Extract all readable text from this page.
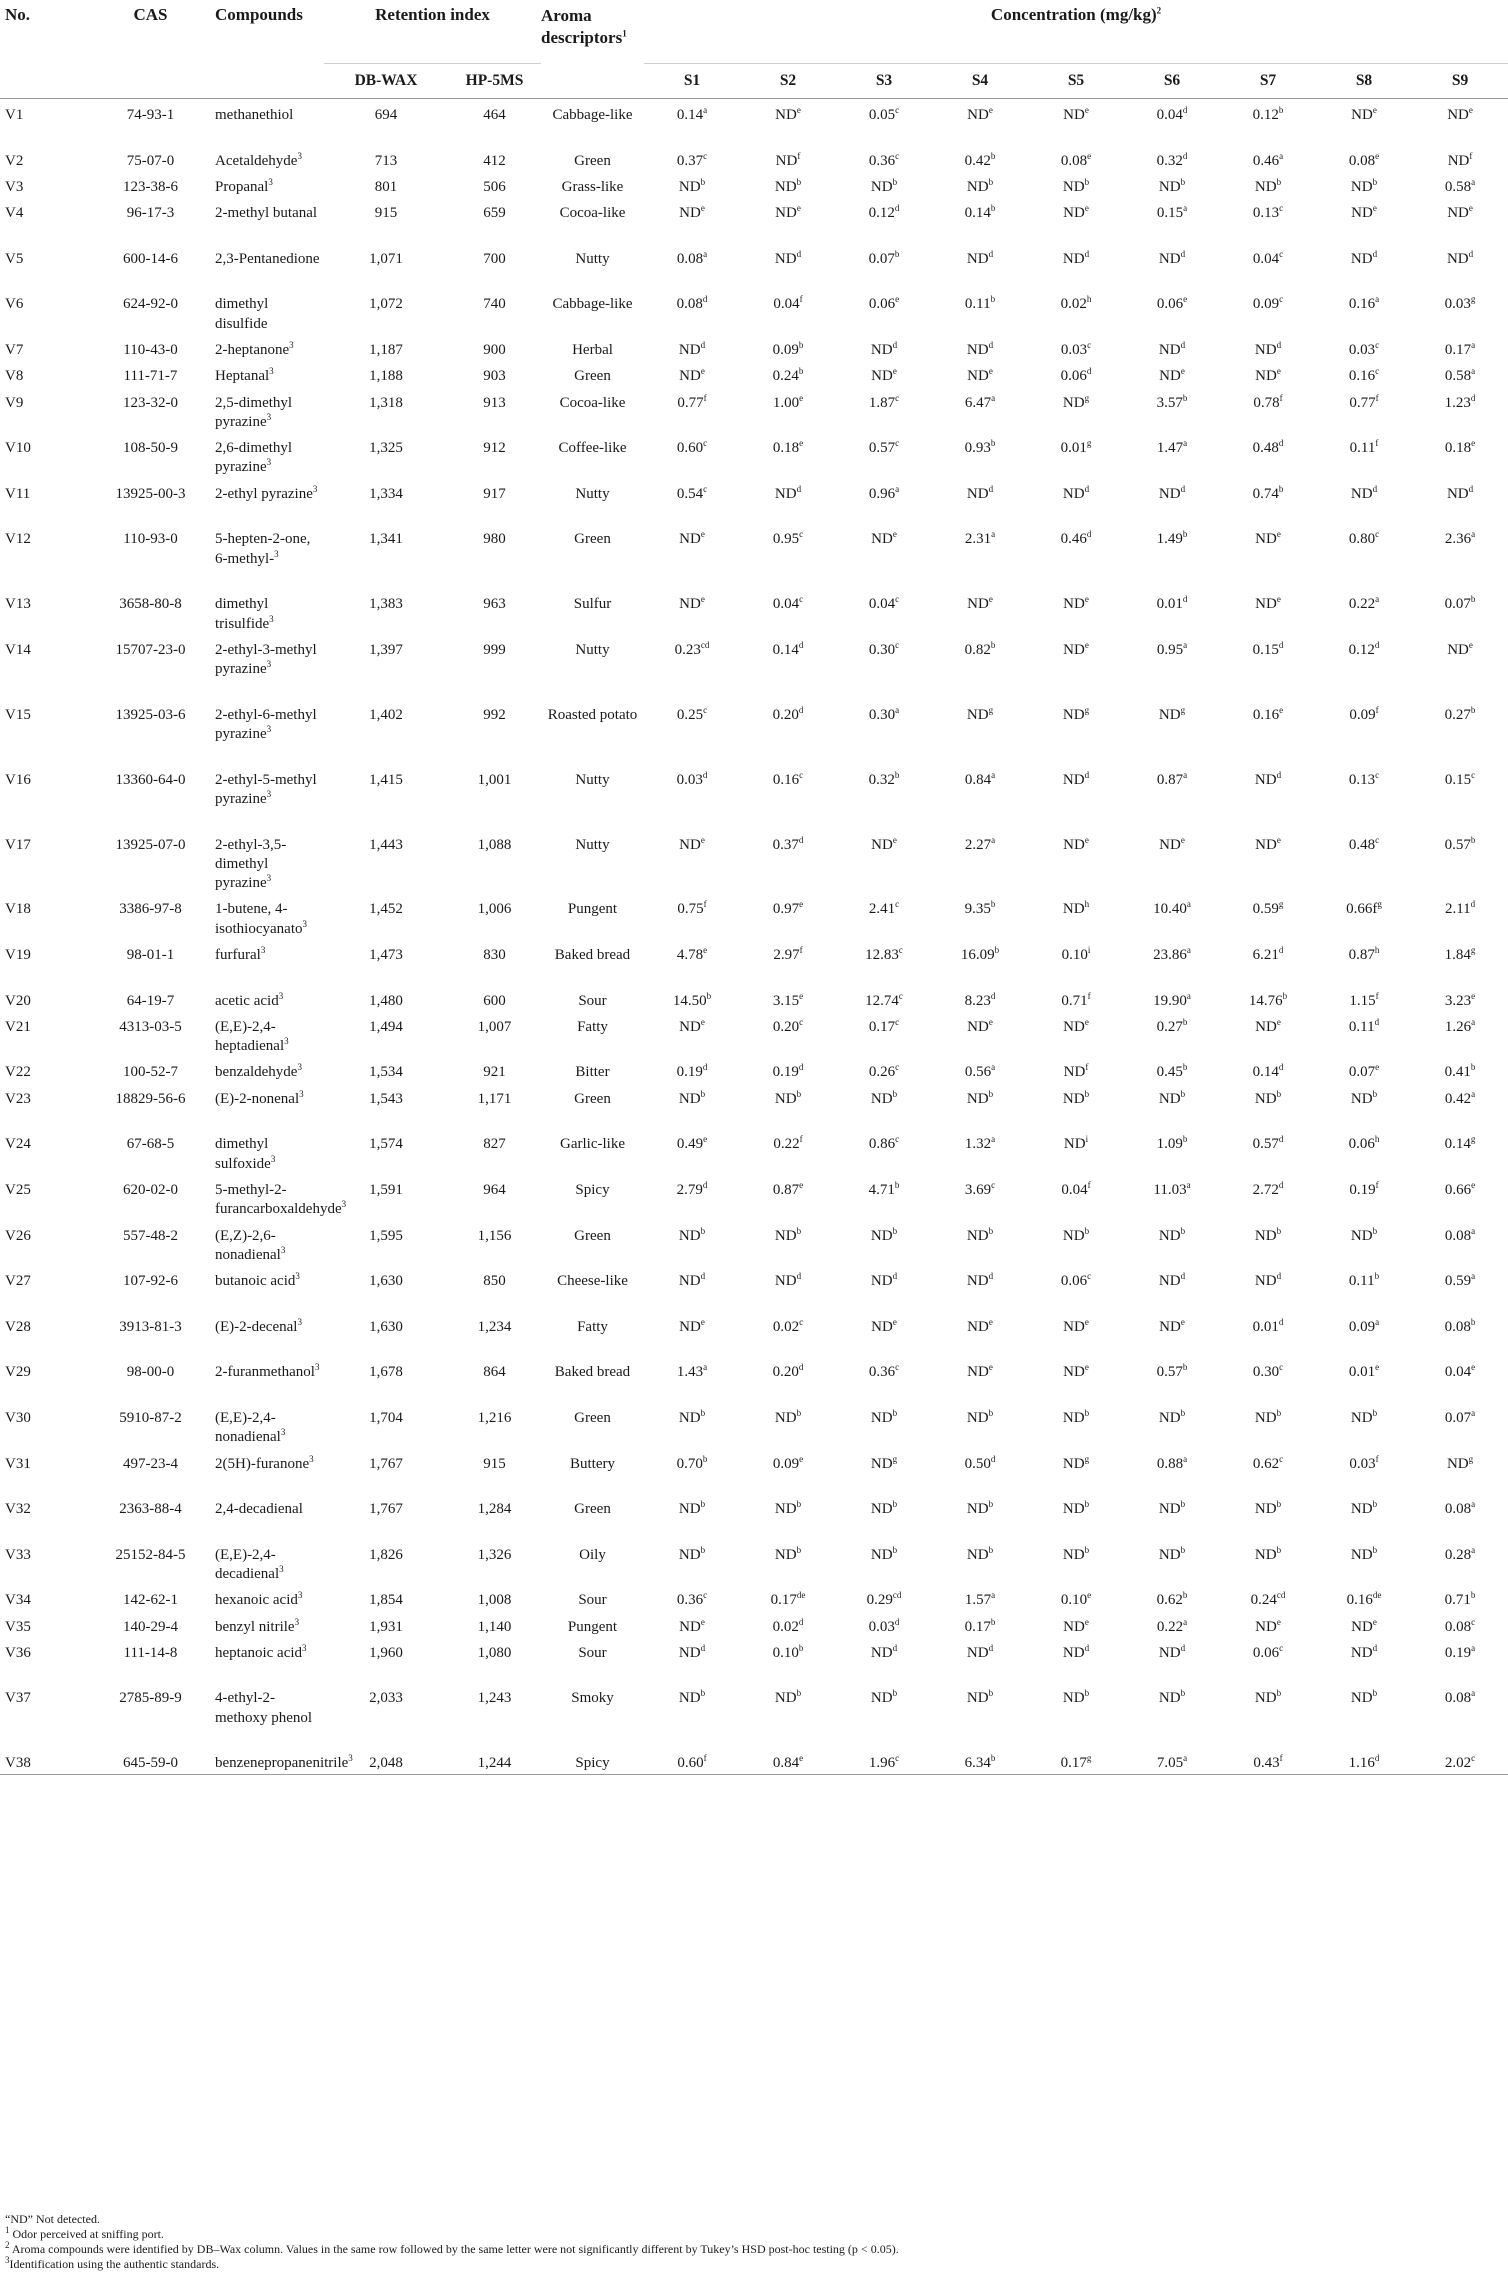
No.	CAS	Compounds	Retention index		Aroma descriptors$^1$	Concentration $(mg/kg)^2$
			DB-WAX	HP-5MS		S1	S2	S3	S4	S5	S6	S7	S8	S9
V1	74-93-1	methanethiol	694	464	Cabbage-like	0.14$^a$	$ND^e$	0.05$^c$	$ND^e$	$ND^e$	0.04$^d$	0.12$^b$	$ND^e$	$ND^e$
V2	75-07-0	Acetaldehyde$^3$	713	412	Green	0.37$^c$	$ND^f$	0.36$^c$	0.42$^b$	0.08e	0.32$^d$	0.46$^a$	0.08e	$ND^f$
V3	123-38-6	Propanal$^3$	801	506	Grass-like	$ND^b$	$ND^b$	$ND^b$	$ND^b$	$ND^b$	$ND^b$	$ND^b$	$ND^b$	0.58$^a$
V4	96-17-3	2-methyl butanal	915	659	Cocoa-like	$ND^e$	$ND^e$	0.12$^d$	0.14$^b$	$ND^e$	0.15$^a$	0.13$^c$	$ND^e$	$ND^e$
V5	600-14-6	2,3-Pentanedione	1,071	700	Nutty	0.08$^a$	$ND^d$	0.07$^b$	$ND^d$	$ND^d$	$ND^d$	0.04$^c$	$ND^d$	$ND^d$
V6	624-92-0	dimethyl disulfide	1,072	740	Cabbage-like	0.08$^d$	0.04$^f$	0.06e	0.11$^b$	0.02$^h$	0.06e	0.09$^c$	0.16$^a$	0.03$^g$
V7	110-43-0	2-heptanone$^3$	1,187	900	Herbal	$ND^d$	0.09$^b$	$ND^d$	$ND^d$	0.03$^c$	$ND^d$	$ND^d$	0.03$^c$	0.17$^a$
V8	111-71-7	Heptanal$^3$	1,188	903	Green	$ND^e$	0.24$^b$	$ND^e$	$ND^e$	0.06$^d$	$ND^e$	$ND^e$	0.16$^c$	0.58$^a$
V9	123-32-0	2,5-dimethyl pyrazine$^3$	1,318	913	Cocoa-like	0.77$^f$	1.00e	1.87$^c$	6.47$^a$	$ND^g$	3.57$^b$	0.78$^f$	0.77$^f$	1.23$^d$
V10	108-50-9	2,6-dimethyl pyrazine$^3$	1,325	912	Coffee-like	0.60$^c$	0.18e	0.57$^c$	0.93$^b$	0.01$^g$	1.47$^a$	0.48$^d$	0.11$^f$	0.18e
V11	13925-00-3	2-ethyl pyrazine$^3$	1,334	917	Nutty	0.54$^c$	$ND^d$	0.96$^a$	$ND^d$	$ND^d$	$ND^d$	0.74$^b$	$ND^d$	$ND^d$
V12	110-93-0	5-hepten-2-one, 6-methyl-$^3$	1,341	980	Green	$ND^e$	0.95$^c$	$ND^e$	2.31$^a$	0.46$^d$	1.49$^b$	$ND^e$	0.80$^c$	2.36$^a$
V13	3658-80-8	dimethyl trisulfide$^3$	1,383	963	Sulfur	$ND^e$	0.04$^c$	0.04$^c$	$ND^e$	$ND^e$	0.01$^d$	$ND^e$	0.22$^a$	0.07$^b$
V14	15707-23-0	2-ethyl-3-methyl pyrazine$^3$	1,397	999	Nutty	0.23$^{cd}$	0.14$^d$	0.30$^c$	0.82$^b$	$ND^e$	0.95$^a$	0.15$^d$	0.12$^d$	$ND^e$
V15	13925-03-6	2-ethyl-6-methyl pyrazine$^3$	1,402	992	Roasted potato	0.25$^c$	0.20$^d$	0.30$^a$	$ND^g$	$ND^g$	$ND^g$	0.16e	0.09$^f$	0.27$^b$
V16	13360-64-0	2-ethyl-5-methyl pyrazine$^3$	1,415	1,001	Nutty	0.03$^d$	0.16$^c$	0.32$^b$	0.84$^a$	$ND^d$	0.87$^a$	$ND^d$	0.13$^c$	0.15$^c$
V17	13925-07-0	2-ethyl-3,5-dimethyl pyrazine$^3$	1,443	1,088	Nutty	$ND^e$	0.37$^d$	$ND^e$	2.27$^a$	$ND^e$	$ND^e$	$ND^e$	0.48$^c$	0.57$^b$
V18	3386-97-8	1-butene, 4-isothiocyanato$^3$	1,452	1,006	Pungent	0.75$^f$	0.97e	2.41$^c$	9.35$^b$	$ND^h$	10.40$^a$	0.59$^g$	$0.66f^g$	2.11$^d$
V19	98-01-1	furfural$^3$	1,473	830	Baked bread	4.78e	2.97$^f$	12.83$^c$	16.09$^b$	0.10$^i$	23.86$^a$	6.21$^d$	0.87$^h$	1.84$^g$
V20	64-19-7	acetic acid$^3$	1,480	600	Sour	14.50$^b$	3.15e	12.74$^c$	8.23$^d$	0.71$^f$	19.90$^a$	14.76$^b$	1.15$^f$	3.23e
V21	4313-03-5	(E,E)-2,4-heptadienal$^3$	1,494	1,007	Fatty	$ND^e$	0.20$^c$	0.17$^c$	$ND^e$	$ND^e$	0.27$^b$	$ND^e$	0.11$^d$	1.26$^a$
V22	100-52-7	benzaldehyde$^3$	1,534	921	Bitter	0.19$^d$	0.19$^d$	0.26$^c$	0.56$^a$	$ND^f$	0.45$^b$	0.14$^d$	0.07e	0.41$^b$
V23	18829-56-6	(E)-2-nonenal$^3$	1,543	1,171	Green	$ND^b$	$ND^b$	$ND^b$	$ND^b$	$ND^b$	$ND^b$	$ND^b$	$ND^b$	0.42$^a$
V24	67-68-5	dimethyl sulfoxide$^3$	1,574	827	Garlic-like	0.49e	0.22$^f$	0.86$^c$	1.32$^a$	$ND^i$	1.09$^b$	0.57$^d$	0.06$^h$	0.14$^g$
V25	620-02-0	5-methyl-2-furancarboxaldehyde$^3$	1,591	964	Spicy	2.79$^d$	0.87e	4.71$^b$	3.69$^c$	0.04$^f$	11.03$^a$	2.72$^d$	0.19$^f$	0.66e
V26	557-48-2	(E,Z)-2,6-nonadienal$^3$	1,595	1,156	Green	$ND^b$	$ND^b$	$ND^b$	$ND^b$	$ND^b$	$ND^b$	$ND^b$	$ND^b$	0.08$^a$
V27	107-92-6	butanoic acid$^3$	1,630	850	Cheese-like	$ND^d$	$ND^d$	$ND^d$	$ND^d$	0.06$^c$	$ND^d$	$ND^d$	0.11$^b$	0.59$^a$
V28	3913-81-3	(E)-2-decenal$^3$	1,630	1,234	Fatty	$ND^e$	0.02$^c$	$ND^e$	$ND^e$	$ND^e$	$ND^e$	0.01$^d$	0.09$^a$	0.08$^b$
V29	98-00-0	2-furanmethanol$^3$	1,678	864	Baked bread	1.43$^a$	0.20$^d$	0.36$^c$	$ND^e$	$ND^e$	0.57$^b$	0.30$^c$	0.01e	0.04e
V30	5910-87-2	(E,E)-2,4-nonadienal$^3$	1,704	1,216	Green	$ND^b$	$ND^b$	$ND^b$	$ND^b$	$ND^b$	$ND^b$	$ND^b$	$ND^b$	0.07$^a$
V31	497-23-4	2(5H)-furanone$^3$	1,767	915	Buttery	0.70$^b$	0.09e	$ND^g$	0.50$^d$	$ND^g$	0.88$^a$	0.62$^c$	0.03$^f$	$ND^g$
V32	2363-88-4	2,4-decadienal	1,767	1,284	Green	$ND^b$	$ND^b$	$ND^b$	$ND^b$	$ND^b$	$ND^b$	$ND^b$	$ND^b$	0.08$^a$
V33	25152-84-5	(E,E)-2,4-decadienal$^3$	1,826	1,326	Oily	$ND^b$	$ND^b$	$ND^b$	$ND^b$	$ND^b$	$ND^b$	$ND^b$	$ND^b$	0.28$^a$
V34	142-62-1	hexanoic acid$^3$	1,854	1,008	Sour	0.36$^c$	0.17de	0.29$^{cd}$	1.57$^a$	0.10e	0.62$^b$	0.24$^{cd}$	0.16de	0.71$^b$
V35	140-29-4	benzyl nitrile$^3$	1,931	1,140	Pungent	$ND^e$	0.02$^d$	0.03$^d$	0.17$^b$	$ND^e$	0.22$^a$	$ND^e$	$ND^e$	0.08$^c$
V36	111-14-8	heptanoic acid$^3$	1,960	1,080	Sour	$ND^d$	0.10$^b$	$ND^d$	$ND^d$	$ND^d$	$ND^d$	0.06$^c$	$ND^d$	0.19$^a$
V37	2785-89-9	4-ethyl-2-methoxy phenol	2,033	1,243	Smoky	$ND^b$	$ND^b$	$ND^b$	$ND^b$	$ND^b$	$ND^b$	$ND^b$	$ND^b$	0.08$^a$
V38	645-59-0	benzenepropanenitrile$^3$	2,048	1,244	Spicy	0.60$^f$	0.84e	1.96$^c$	6.34$^b$	0.17$^g$	7.05$^a$	0.43$^f$	1.16$^d$	2.02$^c$

“ND” Not detected.

$^1$ Odor perceived at sniffing port.

$^2$ Aroma compounds were identified by DB–Wax column. Values in the same row followed by the same letter were not significantly different by Tukey’s HSD post-hoc testing (p < 0.05).

$^3$Identification using the authentic standards.
